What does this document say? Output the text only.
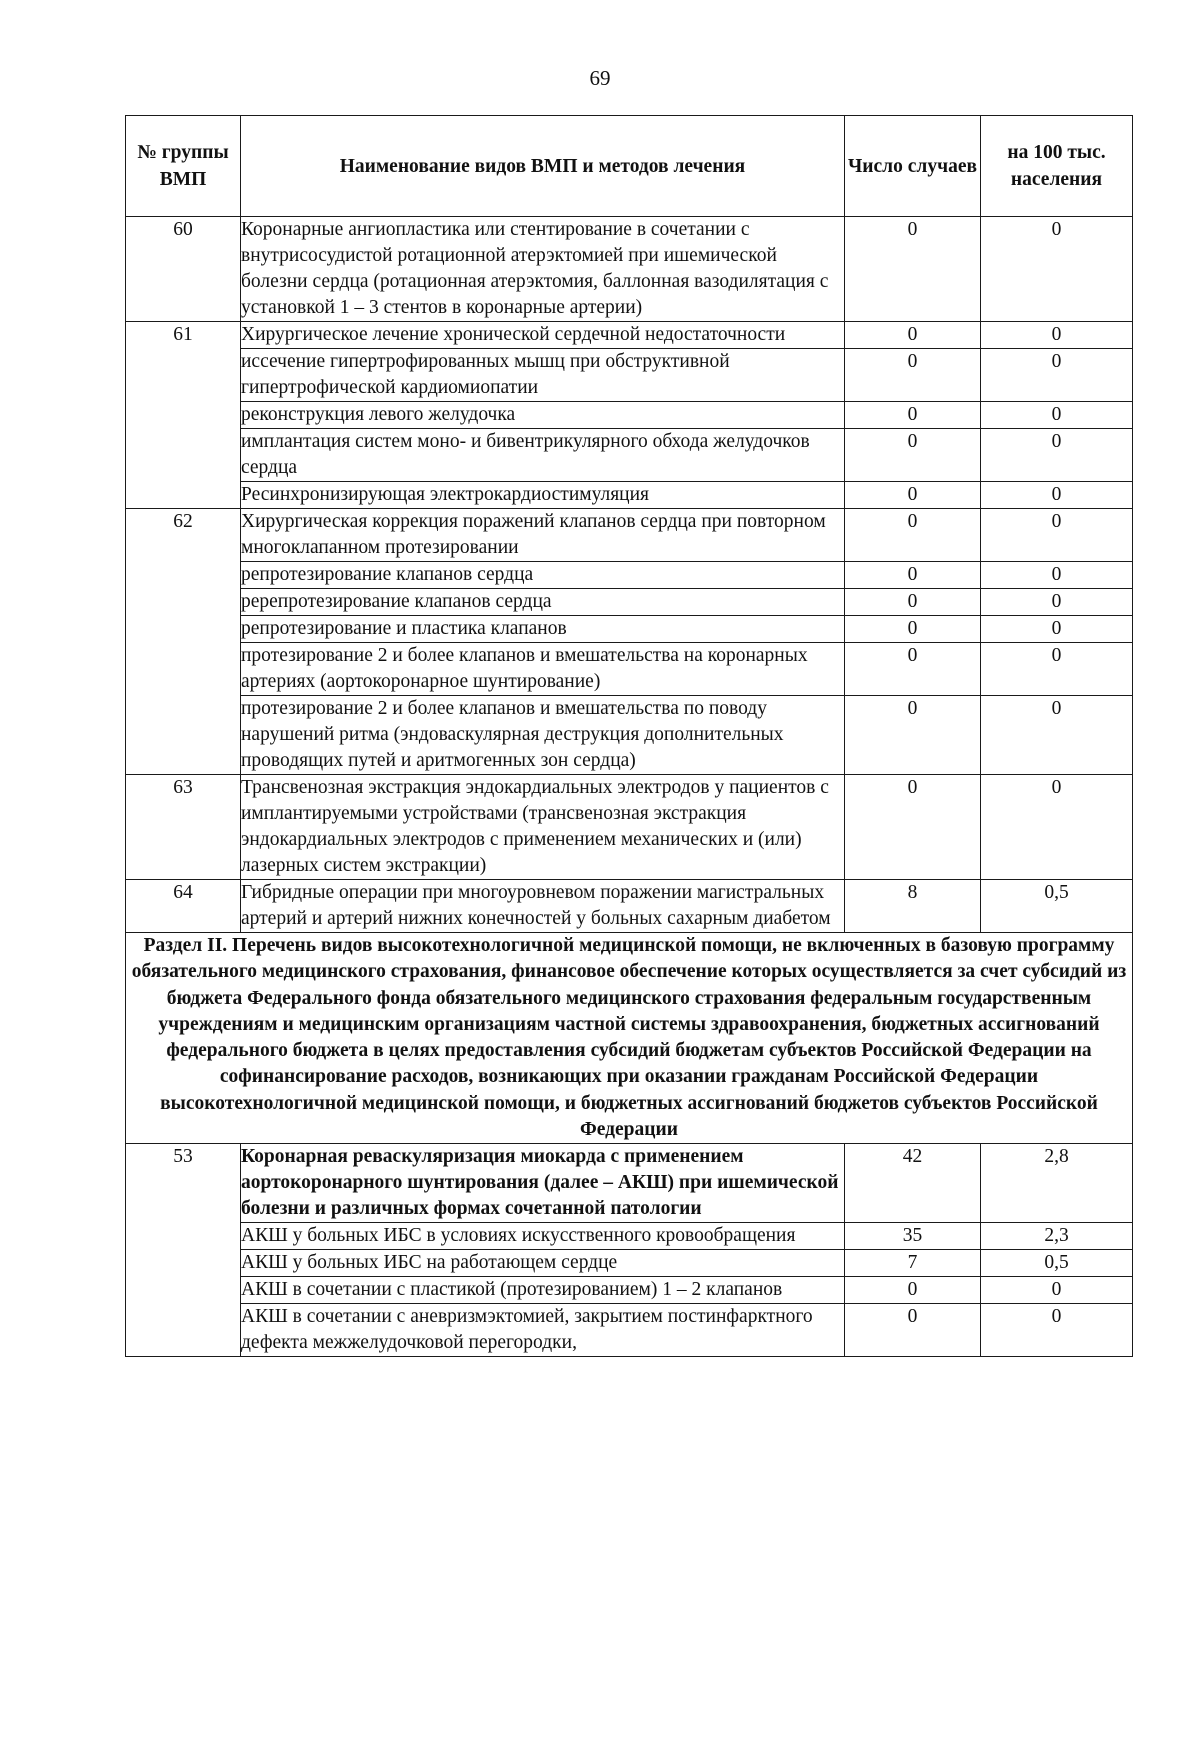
69
№ группы ВМП	Наименование видов ВМП и методов лечения	Число случаев	на 100 тыс. населения
60	Коронарные ангиопластика или стентирование в сочетании с внутрисосудистой ротационной атерэктомией при ишемической болезни сердца (ротационная атерэктомия, баллонная вазодилятация с установкой 1 – 3 стентов в коронарные артерии)	0	0
61	Хирургическое лечение хронической сердечной недостаточности	0	0
	иссечение гипертрофированных мышц при обструктивной гипертрофической кардиомиопатии	0	0
	реконструкция левого желудочка	0	0
	имплантация систем моно- и бивентрикулярного обхода желудочков сердца	0	0
	Ресинхронизирующая электрокардиостимуляция	0	0
62	Хирургическая коррекция поражений клапанов сердца при повторном многоклапанном протезировании	0	0
	репротезирование клапанов сердца	0	0
	ререпротезирование клапанов сердца	0	0
	репротезирование и пластика клапанов	0	0
	протезирование 2 и более клапанов и вмешательства на коронарных артериях (аортокоронарное шунтирование)	0	0
	протезирование 2 и более клапанов и вмешательства по поводу нарушений ритма (эндоваскулярная деструкция дополнительных проводящих путей и аритмогенных зон сердца)	0	0
63	Трансвенозная экстракция эндокардиальных электродов у пациентов с имплантируемыми устройствами (трансвенозная экстракция эндокардиальных электродов с применением механических и (или) лазерных систем экстракции)	0	0
64	Гибридные операции при многоуровневом поражении магистральных артерий и артерий нижних конечностей у больных сахарным диабетом	8	0,5
Раздел II. Перечень видов высокотехнологичной медицинской помощи, не включенных в базовую программу обязательного медицинского страхования, финансовое обеспечение которых осуществляется за счет субсидий из бюджета Федерального фонда обязательного медицинского страхования федеральным государственным учреждениям и медицинским организациям частной системы здравоохранения, бюджетных ассигнований федерального бюджета в целях предоставления субсидий бюджетам субъектов Российской Федерации на софинансирование расходов, возникающих при оказании гражданам Российской Федерации высокотехнологичной медицинской помощи, и бюджетных ассигнований бюджетов субъектов Российской Федерации			
53	Коронарная реваскуляризация миокарда с применением аортокоронарного шунтирования (далее – АКШ) при ишемической болезни и различных формах сочетанной патологии	42	2,8
	АКШ у больных ИБС в условиях искусственного кровообращения	35	2,3
	АКШ у больных ИБС на работающем сердце	7	0,5
	АКШ в сочетании с пластикой (протезированием) 1 – 2 клапанов	0	0
	АКШ в сочетании с аневризмэктомией, закрытием постинфарктного дефекта межжелудочковой перегородки,	0	0
